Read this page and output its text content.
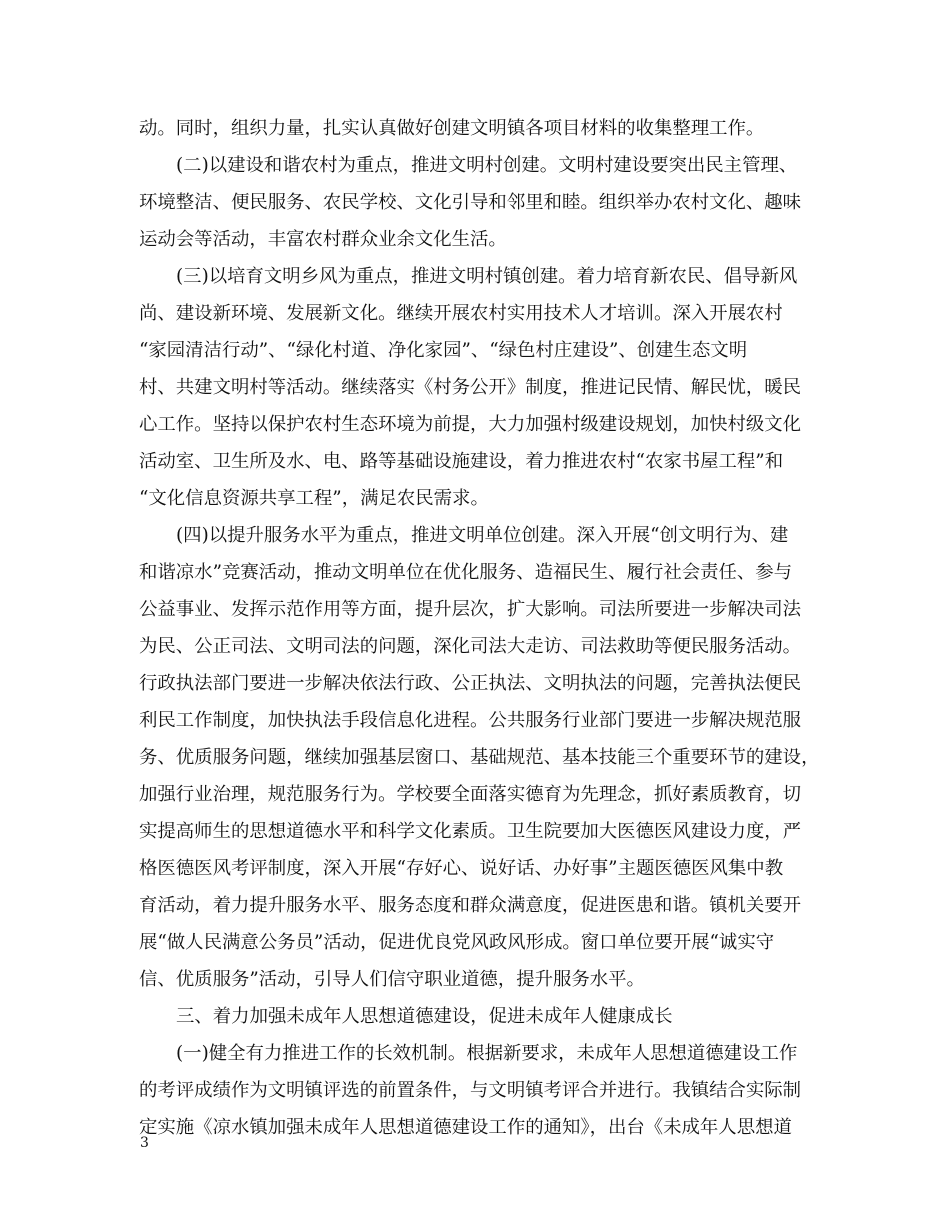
动。同时，组织力量，扎实认真做好创建文明镇各项目材料的收集整理工作。
(二)以建设和谐农村为重点，推进文明村创建。文明村建设要突出民主管理、
环境整洁、便民服务、农民学校、文化引导和邻里和睦。组织举办农村文化、趣味
运动会等活动，丰富农村群众业余文化生活。
(三)以培育文明乡风为重点，推进文明村镇创建。着力培育新农民、倡导新风
尚、建设新环境、发展新文化。继续开展农村实用技术人才培训。深入开展农村
“家园清洁行动”、“绿化村道、净化家园”、“绿色村庄建设”、创建生态文明
村、共建文明村等活动。继续落实《村务公开》制度，推进记民情、解民忧，暖民
心工作。坚持以保护农村生态环境为前提，大力加强村级建设规划，加快村级文化
活动室、卫生所及水、电、路等基础设施建设，着力推进农村“农家书屋工程”和
“文化信息资源共享工程”，满足农民需求。
(四)以提升服务水平为重点，推进文明单位创建。深入开展“创文明行为、建
和谐凉水”竞赛活动，推动文明单位在优化服务、造福民生、履行社会责任、参与
公益事业、发挥示范作用等方面，提升层次，扩大影响。司法所要进一步解决司法
为民、公正司法、文明司法的问题，深化司法大走访、司法救助等便民服务活动。
行政执法部门要进一步解决依法行政、公正执法、文明执法的问题，完善执法便民
利民工作制度，加快执法手段信息化进程。公共服务行业部门要进一步解决规范服
务、优质服务问题，继续加强基层窗口、基础规范、基本技能三个重要环节的建设，
加强行业治理，规范服务行为。学校要全面落实德育为先理念，抓好素质教育，切
实提高师生的思想道德水平和科学文化素质。卫生院要加大医德医风建设力度，严
格医德医风考评制度，深入开展“存好心、说好话、办好事”主题医德医风集中教
育活动，着力提升服务水平、服务态度和群众满意度，促进医患和谐。镇机关要开
展“做人民满意公务员”活动，促进优良党风政风形成。窗口单位要开展“诚实守
信、优质服务”活动，引导人们信守职业道德，提升服务水平。
三、着力加强未成年人思想道德建设，促进未成年人健康成长
(一)健全有力推进工作的长效机制。根据新要求，未成年人思想道德建设工作
的考评成绩作为文明镇评选的前置条件，与文明镇考评合并进行。我镇结合实际制
定实施《凉水镇加强未成年人思想道德建设工作的通知》，出台《未成年人思想道
3
